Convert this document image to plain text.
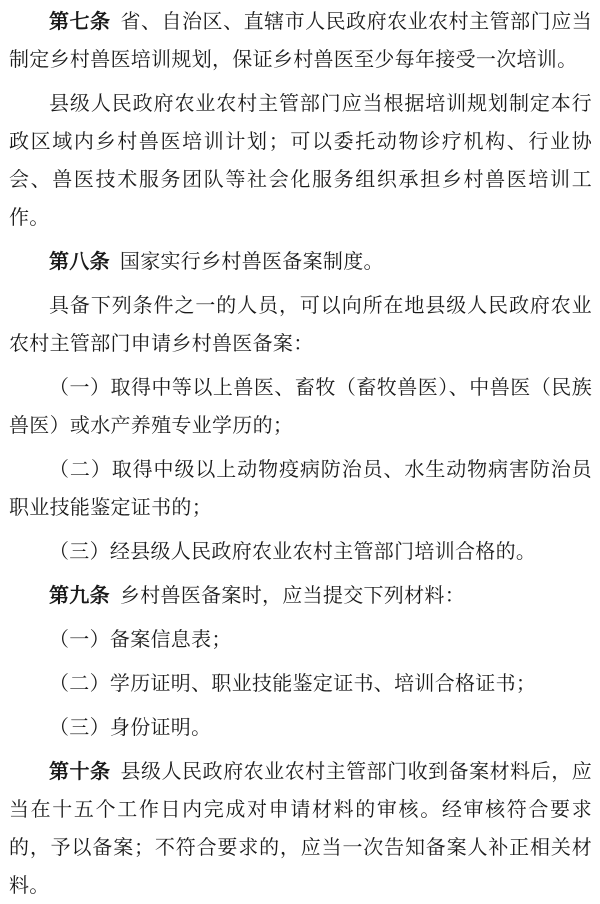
第七条 省、自治区、直辖市人民政府农业农村主管部门应当制定乡村兽医培训规划，保证乡村兽医至少每年接受一次培训。

县级人民政府农业农村主管部门应当根据培训规划制定本行政区域内乡村兽医培训计划；可以委托动物诊疗机构、行业协会、兽医技术服务团队等社会化服务组织承担乡村兽医培训工作。

第八条 国家实行乡村兽医备案制度。

具备下列条件之一的人员，可以向所在地县级人民政府农业农村主管部门申请乡村兽医备案：

（一）取得中等以上兽医、畜牧（畜牧兽医）、中兽医（民族兽医）或水产养殖专业学历的；

（二）取得中级以上动物疫病防治员、水生动物病害防治员职业技能鉴定证书的；

（三）经县级人民政府农业农村主管部门培训合格的。

第九条 乡村兽医备案时，应当提交下列材料：

（一）备案信息表；

（二）学历证明、职业技能鉴定证书、培训合格证书；

（三）身份证明。

第十条 县级人民政府农业农村主管部门收到备案材料后，应当在十五个工作日内完成对申请材料的审核。经审核符合要求的，予以备案；不符合要求的，应当一次告知备案人补正相关材料。
